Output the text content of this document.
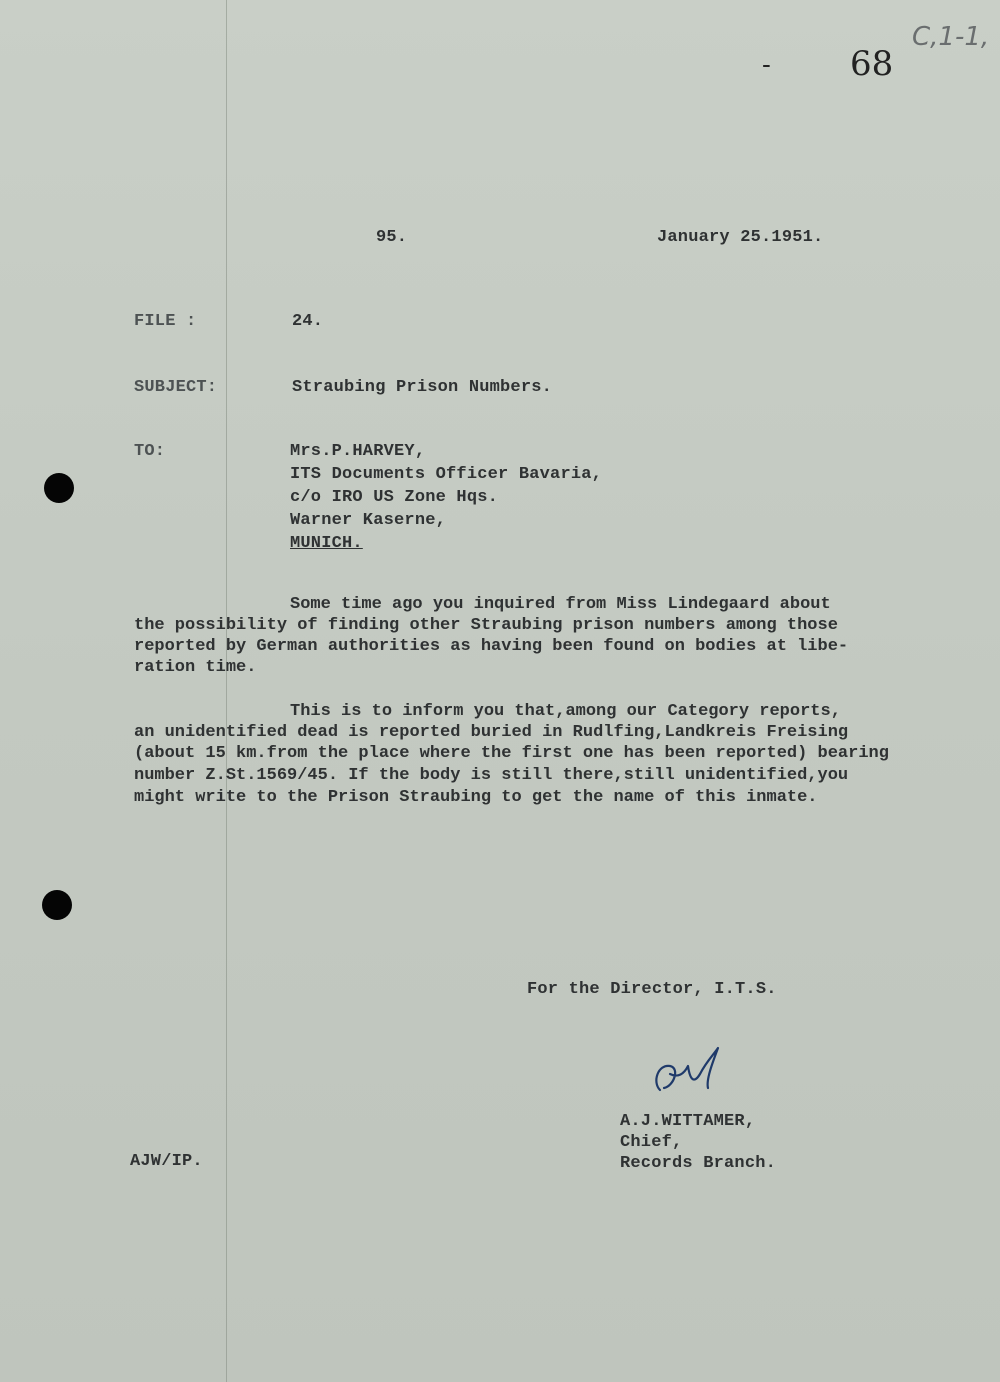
C,1-1,
68
-
95.	January 25.1951.
FILE :	24.
SUBJECT:	Straubing Prison Numbers.
TO:	Mrs.P.HARVEY,
ITS Documents Officer Bavaria,
c/o IRO US Zone Hqs.
Warner Kaserne,
MUNICH.
Some time ago you inquired from Miss Lindegaard about
the possibility of finding other Straubing prison numbers among those
reported by German authorities as having been found on bodies at libe-
ration time.
This is to inform you that,among our Category reports,
an unidentified dead is reported buried in Rudlfing,Landkreis Freising
(about 15 km.from the place where the first one has been reported) bearing
number Z.St.1569/45. If the body is still there,still unidentified,you
might write to the Prison Straubing to get the name of this inmate.
For the Director, I.T.S.
A.J.WITTAMER,
Chief,
Records Branch.
AJW/IP.
